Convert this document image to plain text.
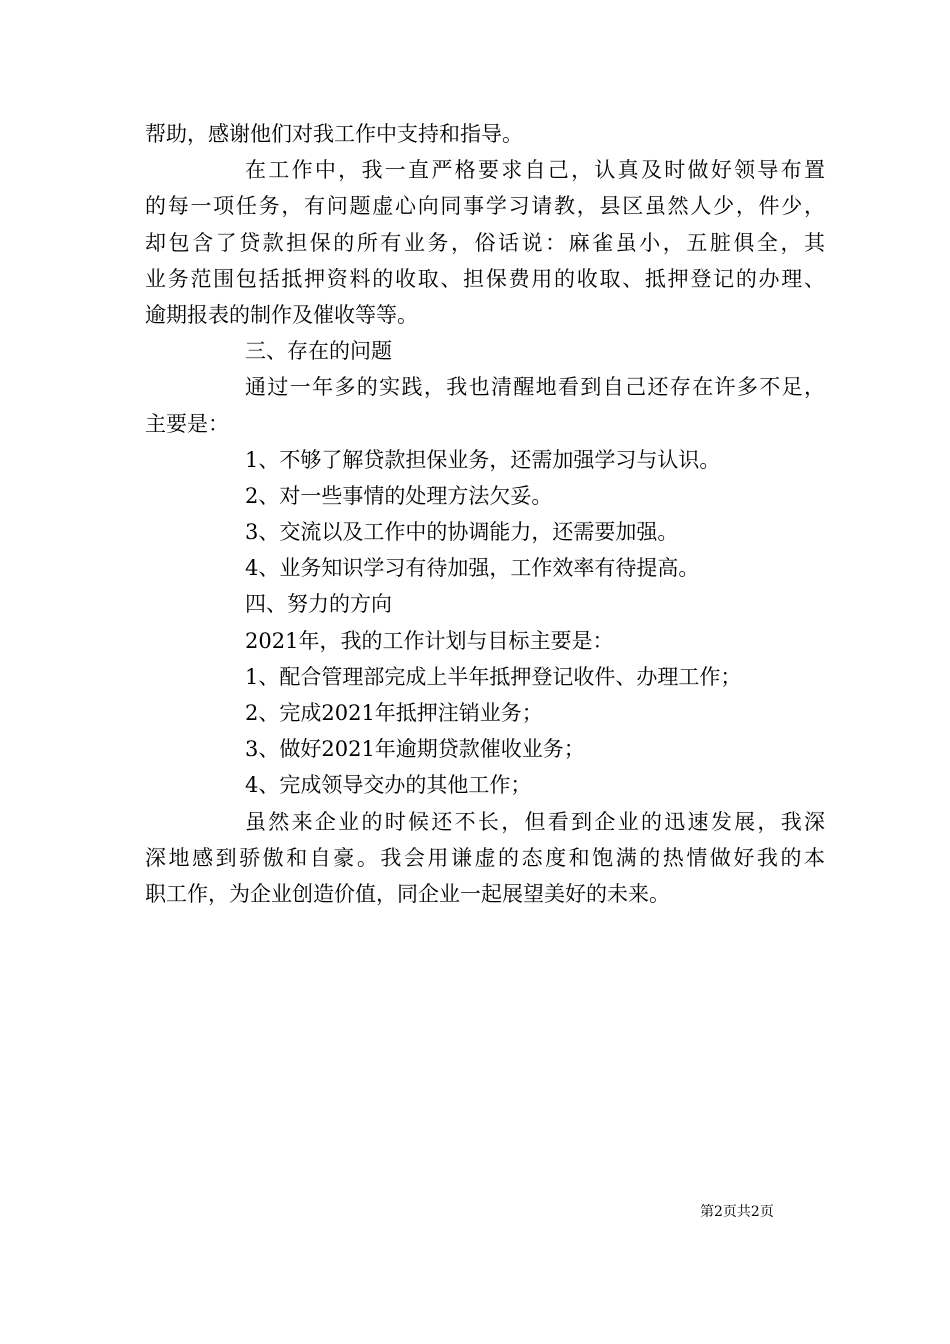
帮助，感谢他们对我工作中支持和指导。

在工作中，我一直严格要求自己，认真及时做好领导布置

的每一项任务，有问题虚心向同事学习请教，县区虽然人少，件少，

却包含了贷款担保的所有业务，俗话说：麻雀虽小，五脏俱全，其

业务范围包括抵押资料的收取、担保费用的收取、抵押登记的办理、

逾期报表的制作及催收等等。

三、存在的问题

通过一年多的实践，我也清醒地看到自己还存在许多不足，

主要是：

1、不够了解贷款担保业务，还需加强学习与认识。

2、对一些事情的处理方法欠妥。

3、交流以及工作中的协调能力，还需要加强。

4、业务知识学习有待加强，工作效率有待提高。

四、努力的方向

2021年，我的工作计划与目标主要是：

1、配合管理部完成上半年抵押登记收件、办理工作；

2、完成2021年抵押注销业务；

3、做好2021年逾期贷款催收业务；

4、完成领导交办的其他工作；

虽然来企业的时候还不长，但看到企业的迅速发展，我深

深地感到骄傲和自豪。我会用谦虚的态度和饱满的热情做好我的本

职工作，为企业创造价值，同企业一起展望美好的未来。

第2页共2页
